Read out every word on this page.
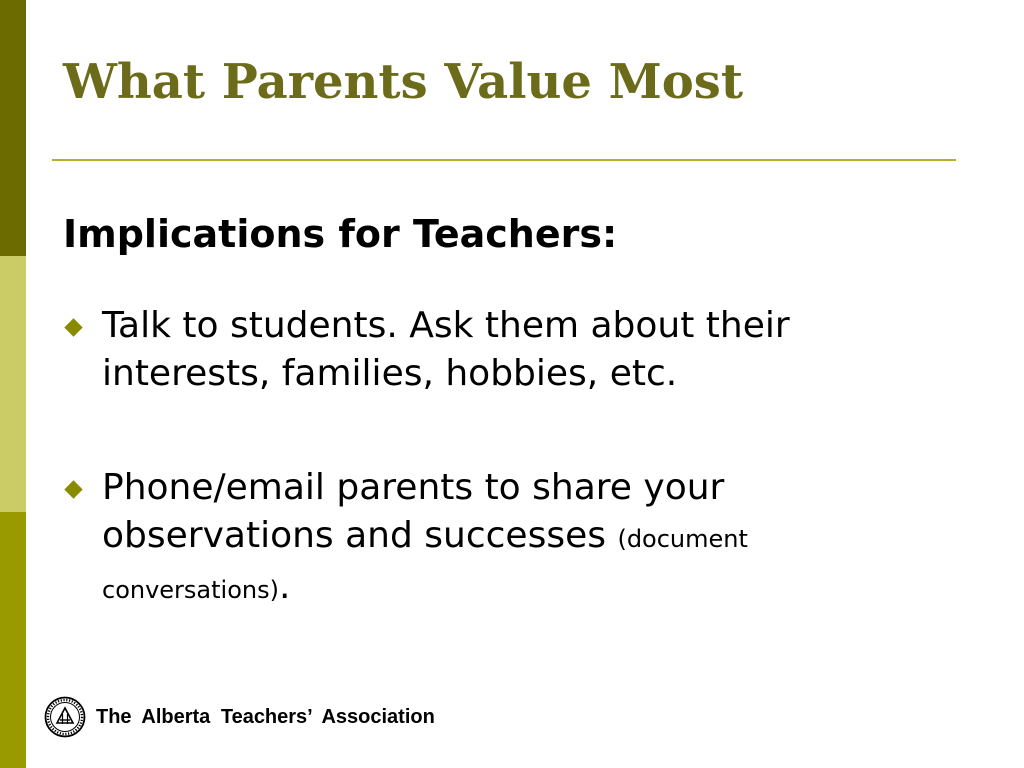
What Parents Value Most
Implications for Teachers:
Talk to students. Ask them about their interests, families, hobbies, etc.
Phone/email parents to share your observations and successes (document conversations).
The Alberta Teachers’ Association
